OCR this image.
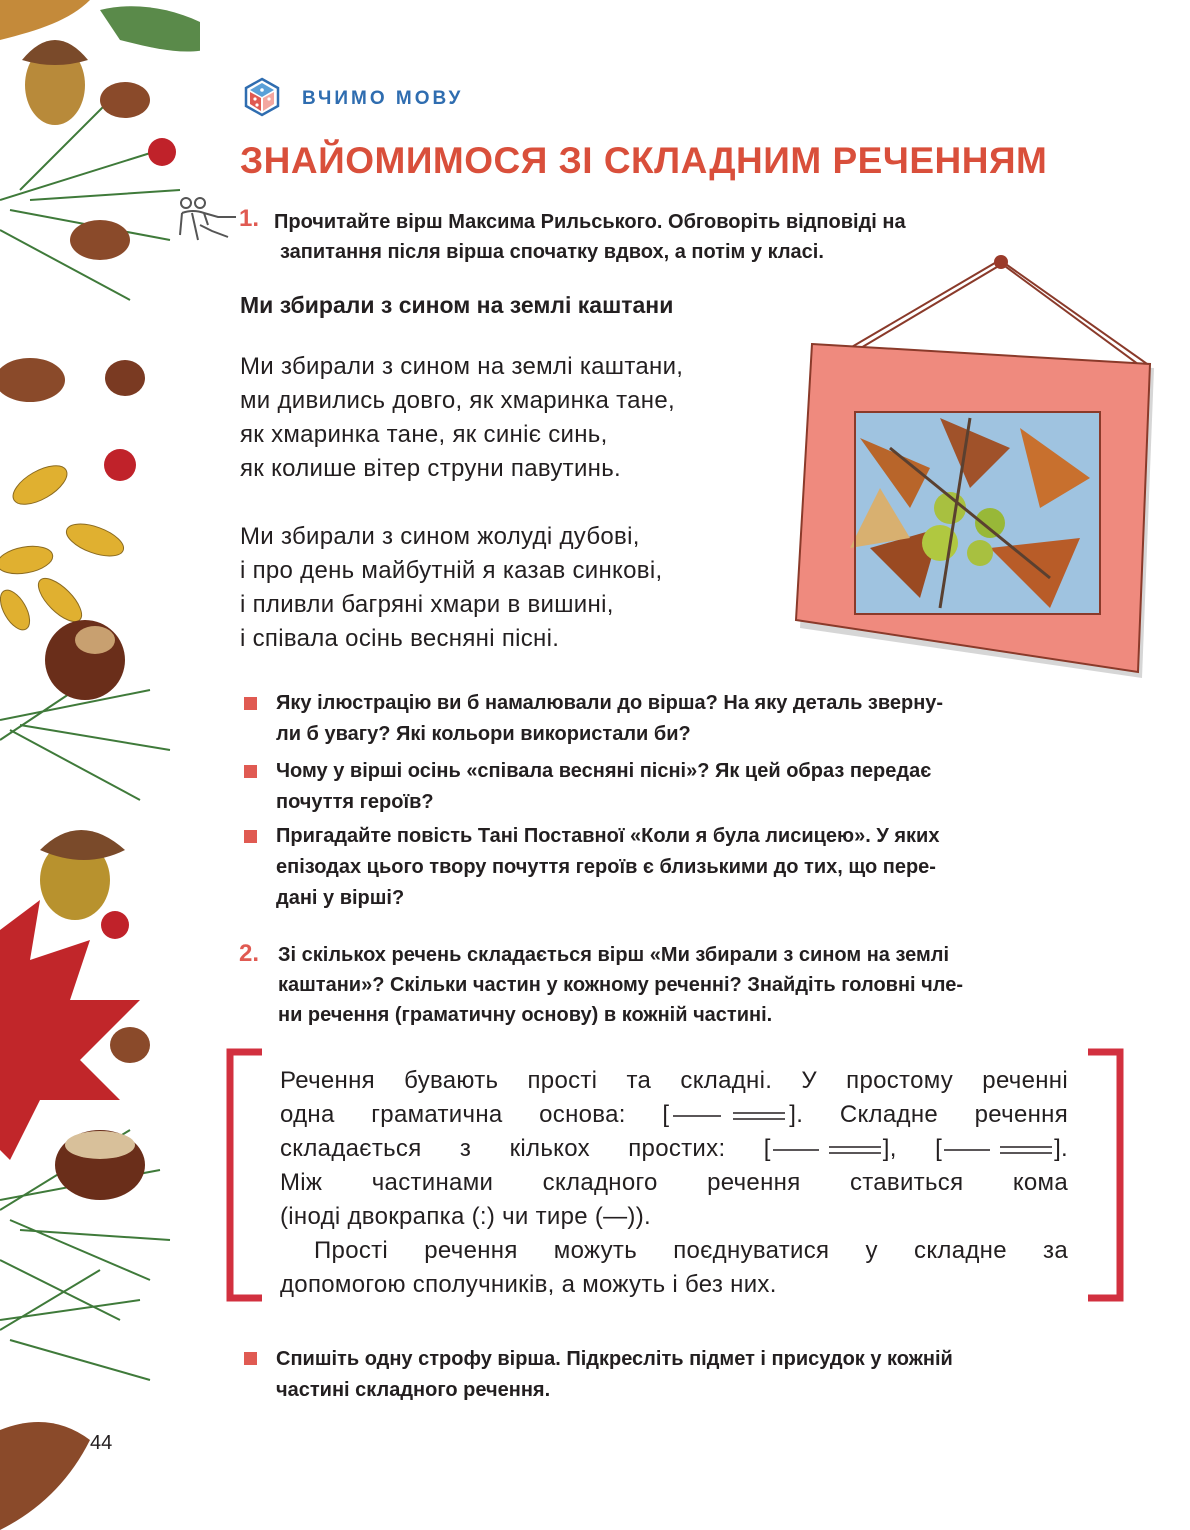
ВЧИМО МОВУ
ЗНАЙОМИМОСЯ ЗІ СКЛАДНИМ РЕЧЕННЯМ
1. Прочитайте вірш Максима Рильського. Обговоріть відповіді на
запитання після вірша спочатку вдвох, а потім у класі.
Ми збирали з сином на землі каштани
Ми збирали з сином на землі каштани,
ми дивились довго, як хмаринка тане,
як хмаринка тане, як синіє синь,
як колише вітер струни павутинь.
Ми збирали з сином жолуді дубові,
і про день майбутній я казав синкові,
і пливли багряні хмари в вишині,
і співала осінь весняні пісні.
Яку ілюстрацію ви б намалювали до вірша? На яку деталь зверну-
ли б увагу? Які кольори використали би?
Чому у вірші осінь «співала весняні пісні»? Як цей образ передає
почуття героїв?
Пригадайте повість Тані Поставної «Коли я була лисицею». У яких
епізодах цього твору почуття героїв є близькими до тих, що пере-
дані у вірші?
2. Зі скількох речень складається вірш «Ми збирали з сином на землі
каштани»? Скільки частин у кожному реченні? Знайдіть головні чле-
ни речення (граматичну основу) в кожній частині.
Речення бувають прості та складні. У простому реченні
одна граматична основа: [	]. Складне речення
складається з кількох простих: [	], [	].
Між частинами складного речення ставиться кома
(іноді двокрапка (:) чи тире (—)).
Прості речення можуть поєднуватися у складне за
допомогою сполучників, а можуть і без них.
Спишіть одну строфу вірша. Підкресліть підмет і присудок у кожній
частині складного речення.
44
